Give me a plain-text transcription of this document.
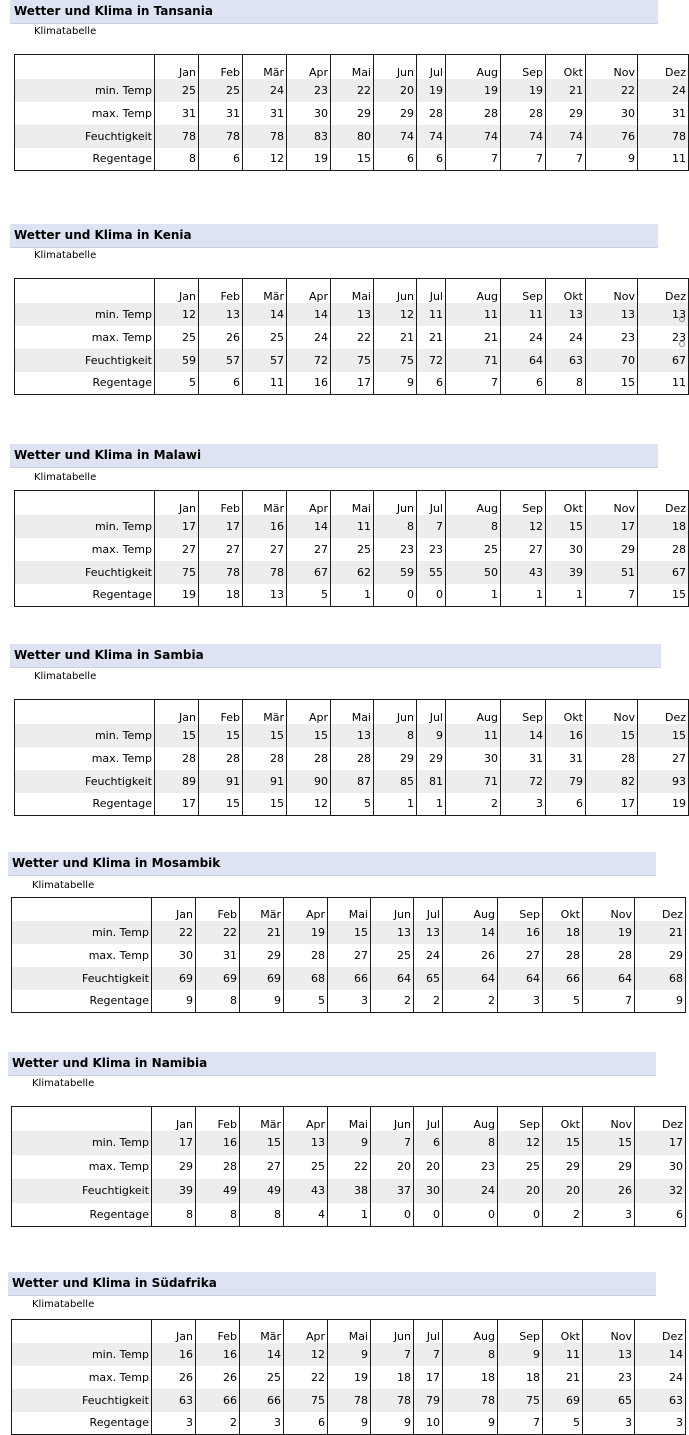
Wetter und Klima in Tansania
Klimatabelle
	Jan	Feb	Mär	Apr	Mai	Jun	Jul	Aug	Sep	Okt	Nov	Dez
min. Temp	25	25	24	23	22	20	19	19	19	21	22	24
max. Temp	31	31	31	30	29	29	28	28	28	29	30	31
Feuchtigkeit	78	78	78	83	80	74	74	74	74	74	76	78
Regentage	8	6	12	19	15	6	6	7	7	7	9	11
Wetter und Klima in Kenia
Klimatabelle
	Jan	Feb	Mär	Apr	Mai	Jun	Jul	Aug	Sep	Okt	Nov	Dez
min. Temp	12	13	14	14	13	12	11	11	11	13	13	13
max. Temp	25	26	25	24	22	21	21	21	24	24	23	23
Feuchtigkeit	59	57	57	72	75	75	72	71	64	63	70	67
Regentage	5	6	11	16	17	9	6	7	6	8	15	11
Wetter und Klima in Malawi
Klimatabelle
	Jan	Feb	Mär	Apr	Mai	Jun	Jul	Aug	Sep	Okt	Nov	Dez
min. Temp	17	17	16	14	11	8	7	8	12	15	17	18
max. Temp	27	27	27	27	25	23	23	25	27	30	29	28
Feuchtigkeit	75	78	78	67	62	59	55	50	43	39	51	67
Regentage	19	18	13	5	1	0	0	1	1	1	7	15
Wetter und Klima in Sambia
Klimatabelle
	Jan	Feb	Mär	Apr	Mai	Jun	Jul	Aug	Sep	Okt	Nov	Dez
min. Temp	15	15	15	15	13	8	9	11	14	16	15	15
max. Temp	28	28	28	28	28	29	29	30	31	31	28	27
Feuchtigkeit	89	91	91	90	87	85	81	71	72	79	82	93
Regentage	17	15	15	12	5	1	1	2	3	6	17	19
Wetter und Klima in Mosambik
Klimatabelle
	Jan	Feb	Mär	Apr	Mai	Jun	Jul	Aug	Sep	Okt	Nov	Dez
min. Temp	22	22	21	19	15	13	13	14	16	18	19	21
max. Temp	30	31	29	28	27	25	24	26	27	28	28	29
Feuchtigkeit	69	69	69	68	66	64	65	64	64	66	64	68
Regentage	9	8	9	5	3	2	2	2	3	5	7	9
Wetter und Klima in Namibia
Klimatabelle
	Jan	Feb	Mär	Apr	Mai	Jun	Jul	Aug	Sep	Okt	Nov	Dez
min. Temp	17	16	15	13	9	7	6	8	12	15	15	17
max. Temp	29	28	27	25	22	20	20	23	25	29	29	30
Feuchtigkeit	39	49	49	43	38	37	30	24	20	20	26	32
Regentage	8	8	8	4	1	0	0	0	0	2	3	6
Wetter und Klima in Südafrika
Klimatabelle
	Jan	Feb	Mär	Apr	Mai	Jun	Jul	Aug	Sep	Okt	Nov	Dez
min. Temp	16	16	14	12	9	7	7	8	9	11	13	14
max. Temp	26	26	25	22	19	18	17	18	18	21	23	24
Feuchtigkeit	63	66	66	75	78	78	79	78	75	69	65	63
Regentage	3	2	3	6	9	9	10	9	7	5	3	3
